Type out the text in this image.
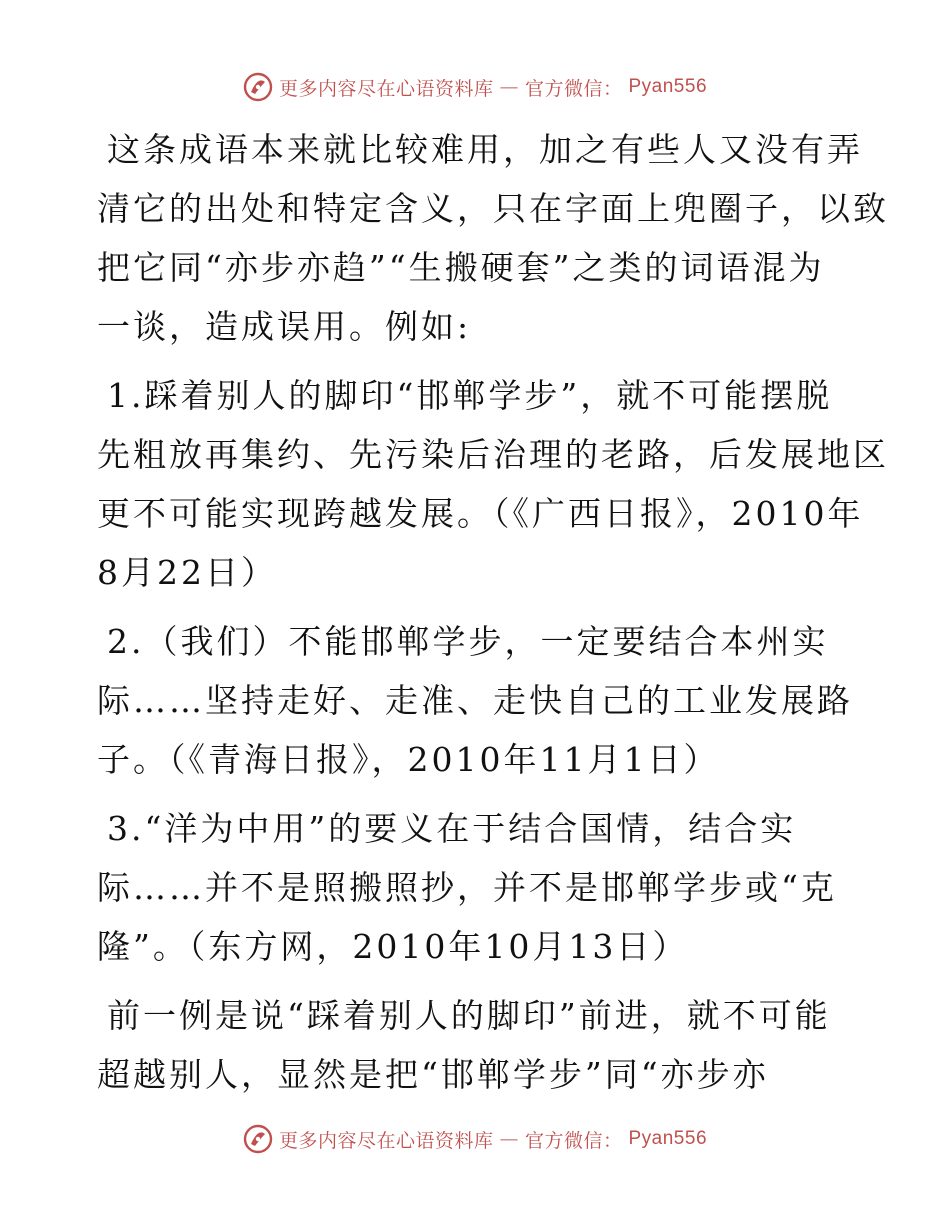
更多内容尽在心语资料库 — 官方微信： Pyan556

这条成语本来就比较难用，加之有些人又没有弄
清它的出处和特定含义，只在字面上兜圈子，以致
把它同“亦步亦趋”“生搬硬套”之类的词语混为
一谈，造成误用。例如:

1.踩着别人的脚印“邯郸学步”，就不可能摆脱
先粗放再集约、先污染后治理的老路，后发展地区
更不可能实现跨越发展。（《广西日报》，2010年
8月22日）

2.（我们）不能邯郸学步，一定要结合本州实
际……坚持走好、走准、走快自己的工业发展路
子。（《青海日报》，2010年11月1日）

3.“洋为中用”的要义在于结合国情，结合实
际……并不是照搬照抄，并不是邯郸学步或“克
隆”。（东方网，2010年10月13日）

前一例是说“踩着别人的脚印”前进，就不可能
超越别人，显然是把“邯郸学步”同“亦步亦

更多内容尽在心语资料库 — 官方微信： Pyan556
